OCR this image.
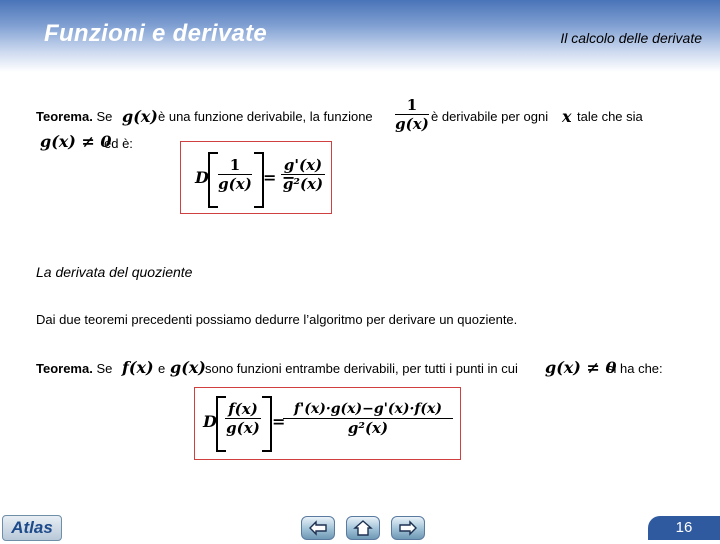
Funzioni e derivate	Il calcolo delle derivate
Teorema. Se g(x) è una funzione derivabile, la funzione
1
g(x) è derivabile per ogni x tale che sia
g(x) ≠ 0
ed è:
D
1
g(x) = −
g'(x)
g²(x)
La derivata del quoziente
Dai due teoremi precedenti possiamo dedurre l’algoritmo per derivare un quoziente.
Teorema. Se f(x) e g(x) sono funzioni entrambe derivabili, per tutti i punti in cui g(x) ≠ 0
si ha che:
D
f(x)
g(x) =
f'(x)·g(x)−g'(x)·f(x)
g²(x)
Atlas	16
